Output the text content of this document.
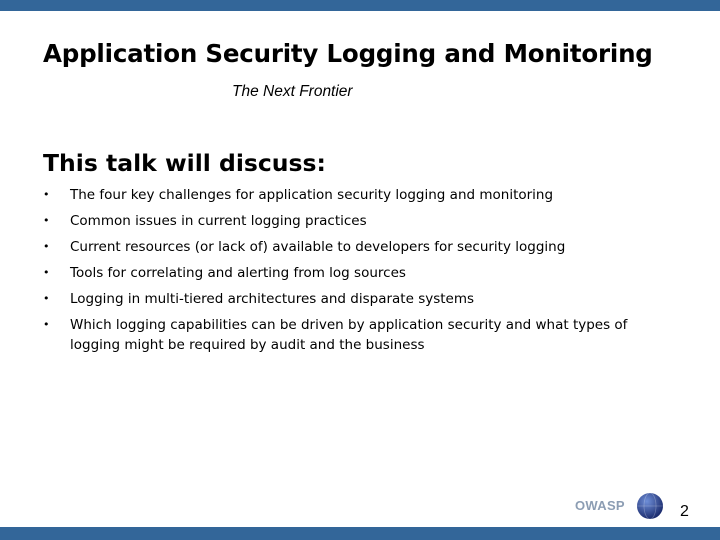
Application Security Logging and Monitoring
The Next Frontier
This talk will discuss:
• The four key challenges for application security logging and monitoring
• Common issues in current logging practices
• Current resources (or lack of) available to developers for security logging
• Tools for correlating and alerting from log sources
• Logging in multi-tiered architectures and disparate systems
• Which logging capabilities can be driven by application security and what types of logging might be required by audit and the business
OWASP	2
